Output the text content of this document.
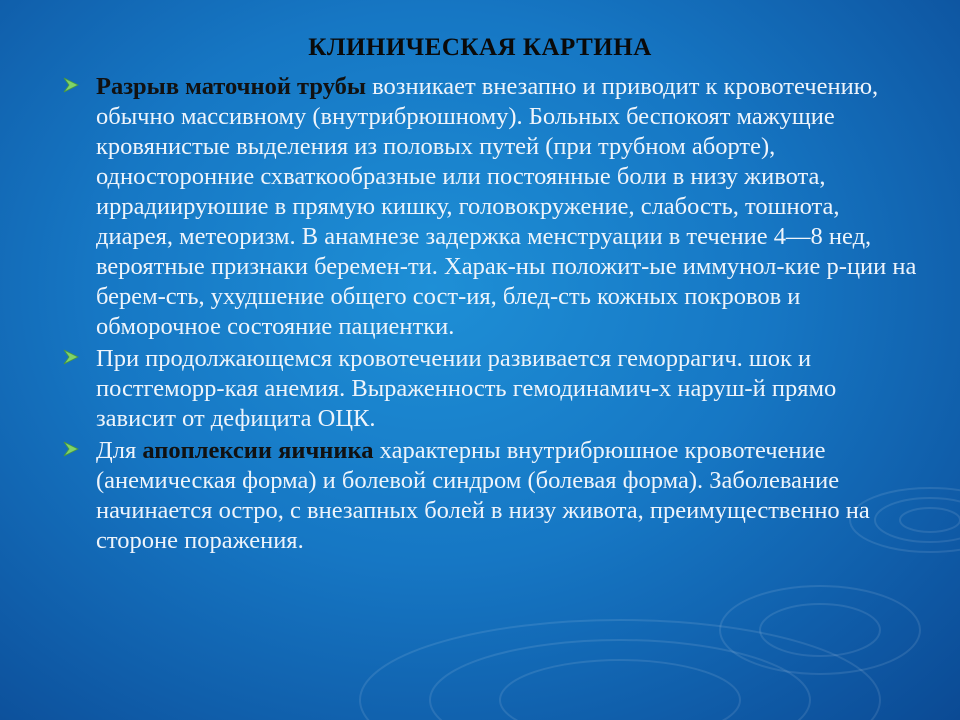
КЛИНИЧЕСКАЯ КАРТИНА
Разрыв маточной трубы возникает внезапно и приводит к кровотечению, обычно массивному (внутрибрюшному). Больных беспокоят мажущие кровянистые выделения из половых путей (при трубном аборте), односторонние схваткообразные или постоянные боли в низу живота, иррадиируюшие в прямую кишку, головокружение, слабость, тошнота, диарея, метеоризм. В анамнезе задержка менструации в течение 4—8 нед, вероятные признаки беремен-ти. Харак-ны положит-ые иммунол-кие р-ции на берем-сть, ухудшение общего сост-ия, блед-сть кожных покровов и обморочное состояние пациентки.
При продолжающемся кровотечении развивается геморрагич. шок и постгеморр-кая анемия. Выраженность гемодинамич-х наруш-й прямо зависит от дефицита ОЦК.
Для апоплексии яичника характерны внутрибрюшное кровотечение (анемическая форма) и болевой синдром (болевая форма). Заболевание начинается остро, с внезапных болей в низу живота, преимущественно на стороне поражения.
